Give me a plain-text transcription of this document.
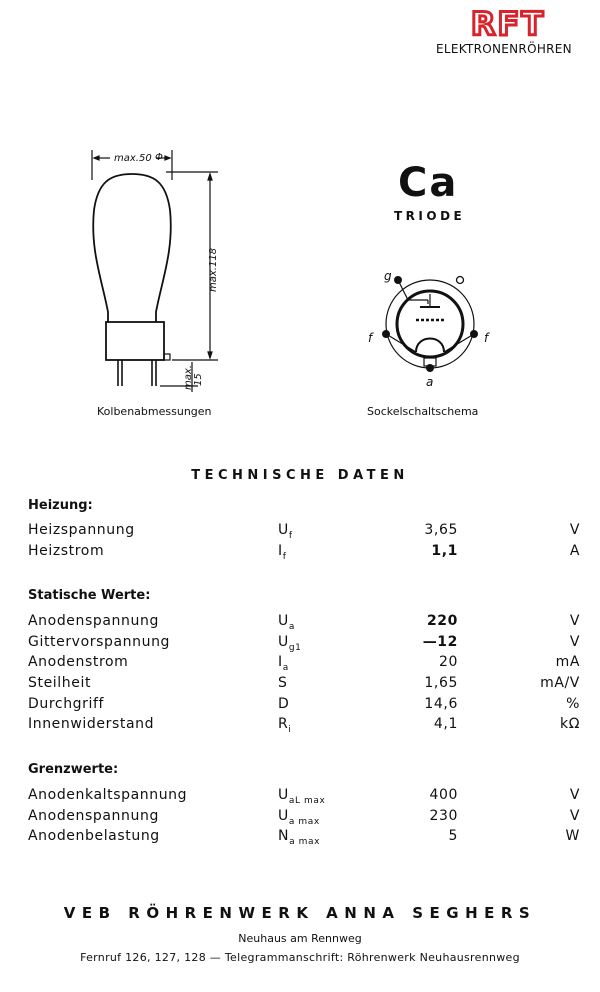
RFT
ELEKTRONENRÖHREN
Ca
TRIODE
max.50 Φ
max.118
max. 15
Kolbenabmessungen
g
f	f
a
Sockelschaltschema
TECHNISCHE DATEN
Heizung:
Heizspannung	$U_f$	3,65	V
Heizstrom	$I_f$	1,1	A
Statische Werte:
Anodenspannung	$U_a$	220	V
Gittervorspannung	$U_{g1}$	—12	V
Anodenstrom	$I_a$	20	mA
Steilheit	S	1,65	mA/V
Durchgriff	D	14,6	%
Innenwiderstand	$R_i$	4,1	kΩ
Grenzwerte:
Anodenkaltspannung	$U_{aL max}$	400	V
Anodenspannung	$U_{a max}$	230	V
Anodenbelastung	$N_{a max}$	5	W
VEB RÖHRENWERK ANNA SEGHERS
Neuhaus am Rennweg
Fernruf 126, 127, 128 — Telegrammanschrift: Röhrenwerk Neuhausrennweg
